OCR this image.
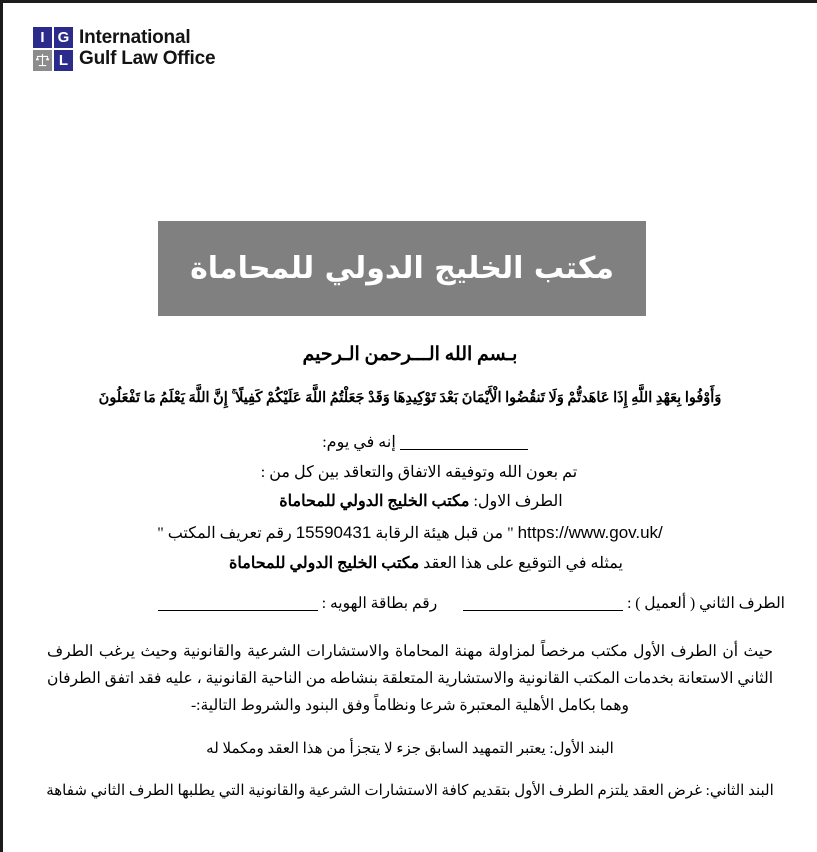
I G
L
International
Gulf Law Office
مكتب الخليج الدولي للمحاماة

بـسم الله الـــرحمن الـرحيم

وَأَوْفُوا بِعَهْدِ اللَّهِ إِذَا عَاهَدتُّمْ وَلَا تَنقُضُوا الْأَيْمَانَ بَعْدَ تَوْكِيدِهَا وَقَدْ جَعَلْتُمُ اللَّهَ عَلَيْكُمْ كَفِيلًا ۚ إِنَّ اللَّهَ يَعْلَمُ مَا تَفْعَلُونَ

إنه في يوم:

تم بعون الله وتوفيقه الاتفاق والتعاقد بين كل من :

الطرف الاول: مكتب الخليج الدولي للمحاماة

https://www.gov.uk/ " من قبل هيئة الرقابة 15590431 رقم تعريف المكتب "

يمثله في التوقيع على هذا العقد مكتب الخليج الدولي للمحاماة

الطرف الثاني ( ألعميل ) :
رقم بطاقة الهويه :

حيث أن الطرف الأول مكتب مرخصاً لمزاولة مهنة المحاماة والاستشارات الشرعية والقانونية وحيث يرغب الطرف الثاني الاستعانة بخدمات المكتب القانونية والاستشارية المتعلقة بنشاطه من الناحية القانونية ، عليه فقد اتفق الطرفان وهما بكامل الأهلية المعتبرة شرعا ونظاماً وفق البنود والشروط التالية:-

البند الأول: يعتبر التمهيد السابق جزء لا يتجزأ من هذا العقد ومكملا له

البند الثاني: غرض العقد يلتزم الطرف الأول بتقديم كافة الاستشارات الشرعية والقانونية التي يطلبها الطرف الثاني شفاهة
